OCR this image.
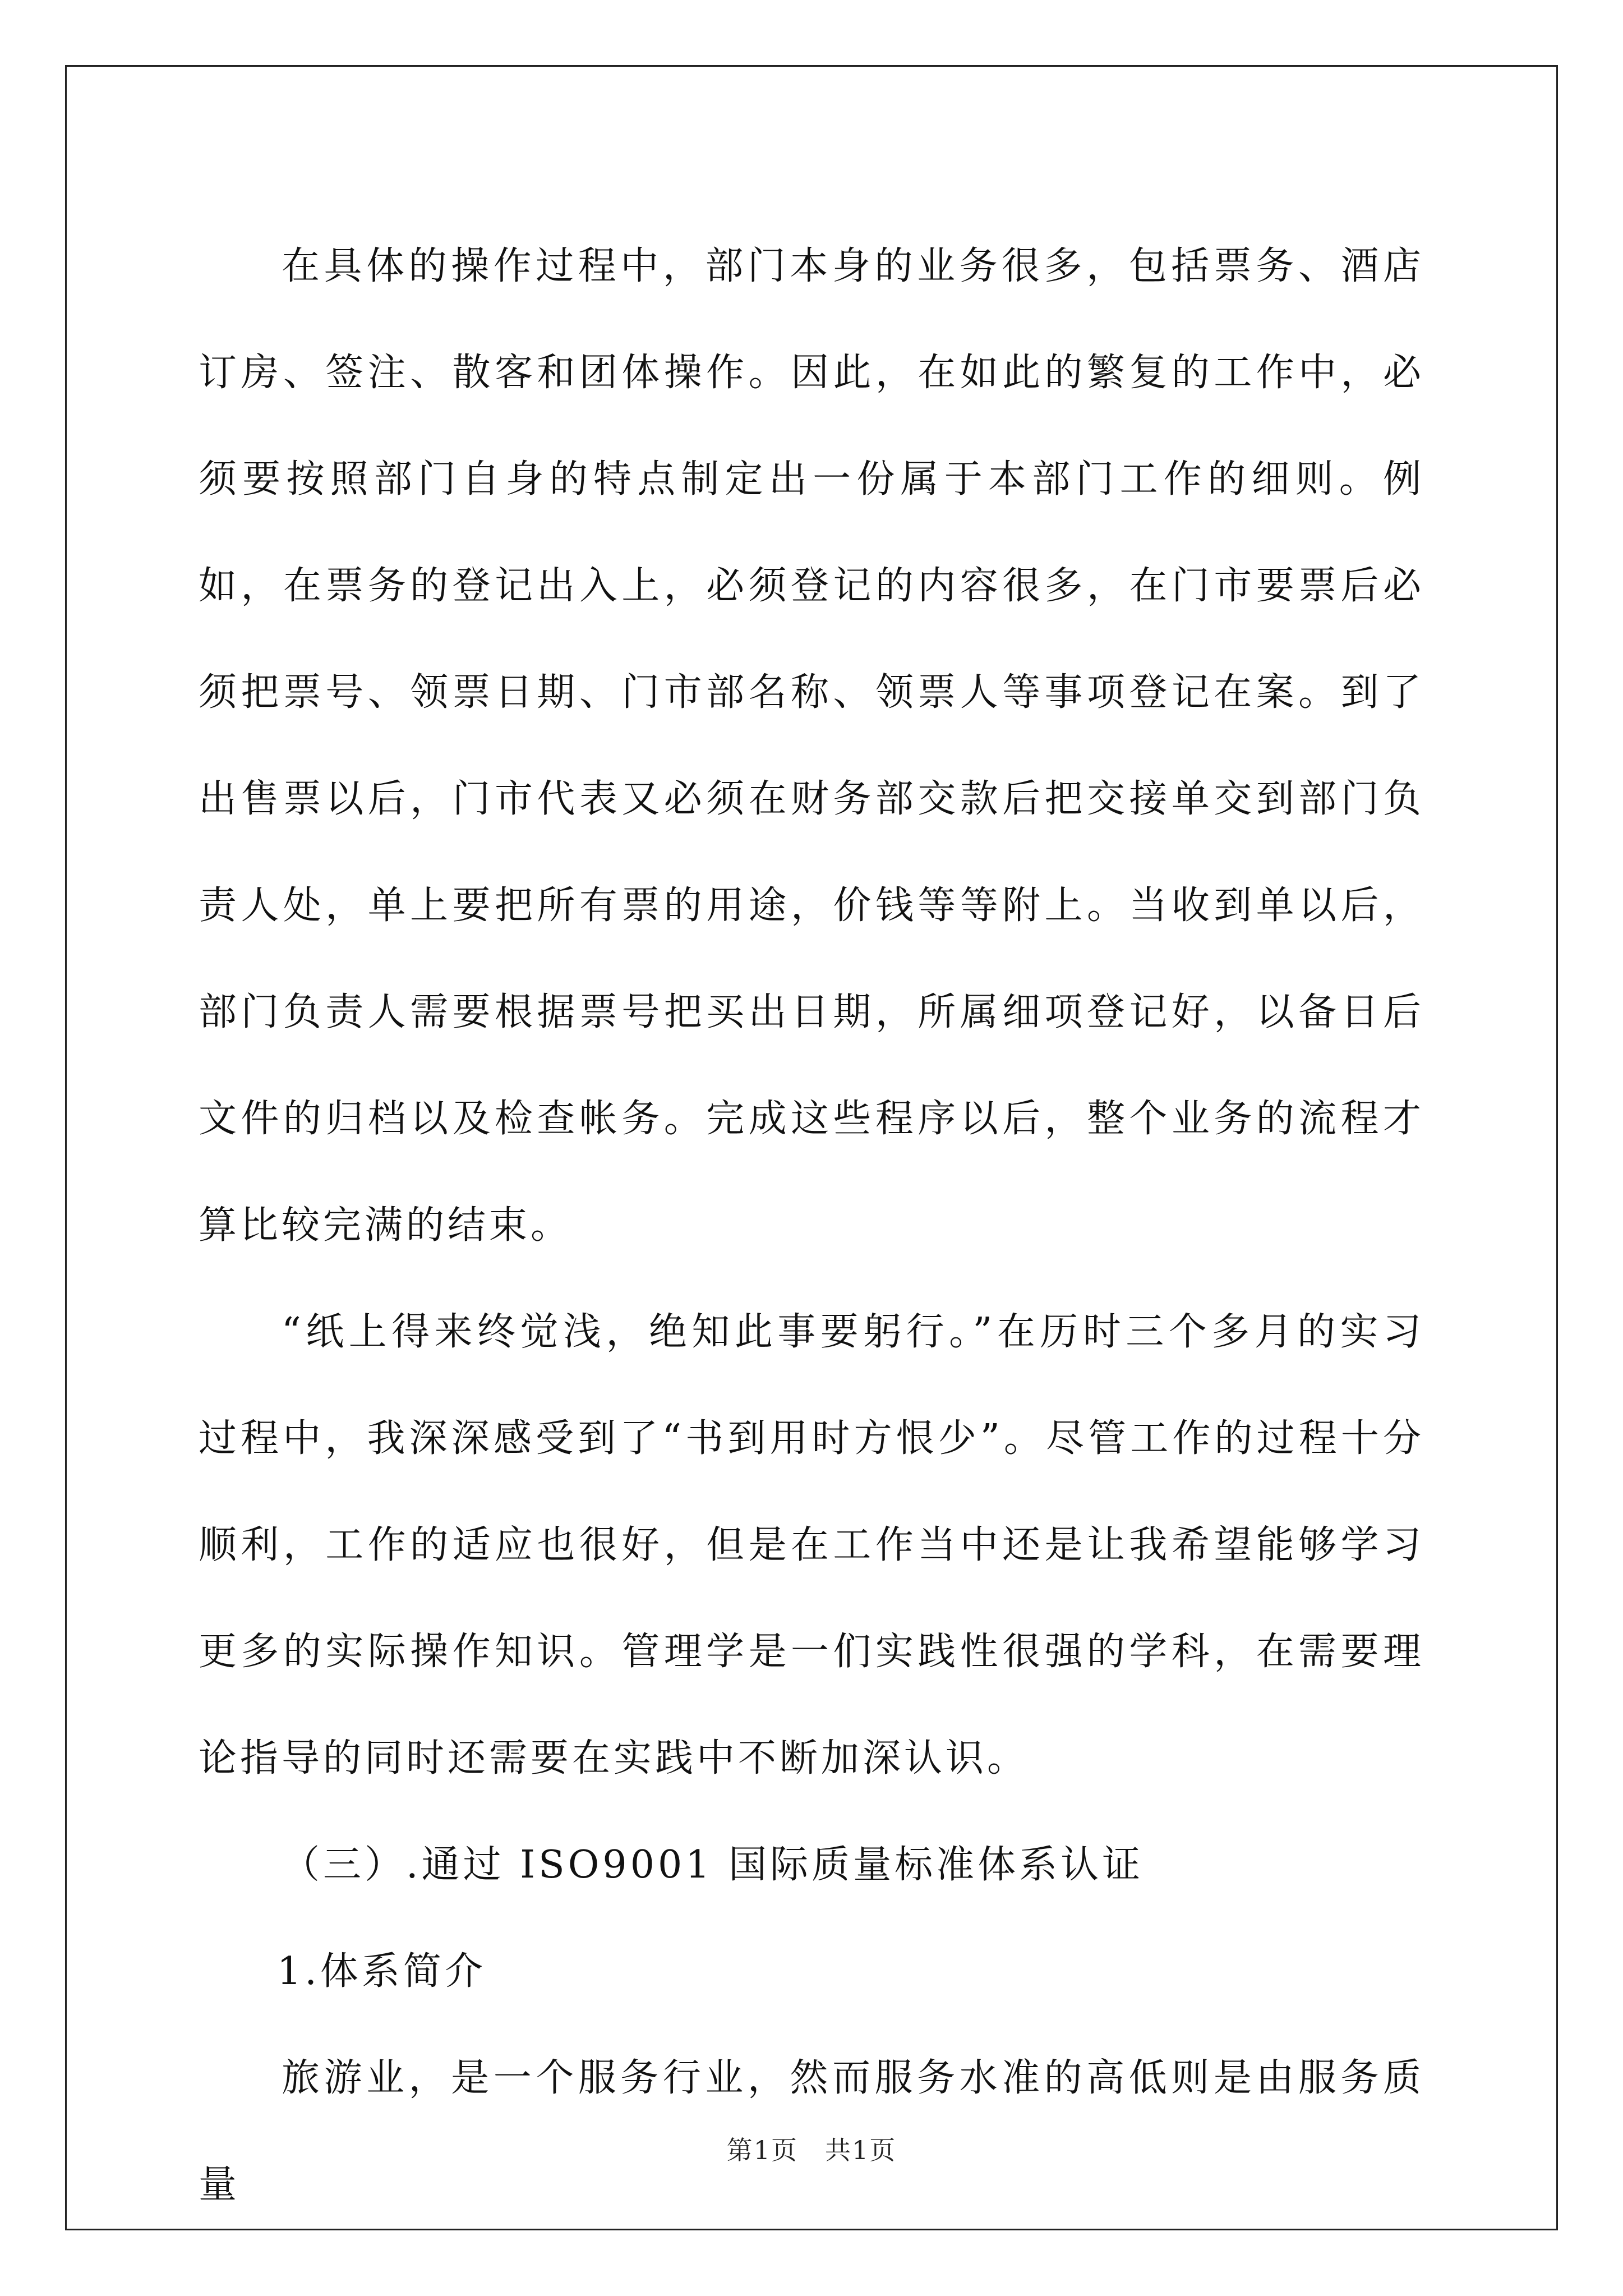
在具体的操作过程中，部门本身的业务很多，包括票务、酒店订房、签注、散客和团体操作。因此，在如此的繁复的工作中，必须要按照部门自身的特点制定出一份属于本部门工作的细则。例如，在票务的登记出入上，必须登记的内容很多，在门市要票后必须把票号、领票日期、门市部名称、领票人等事项登记在案。到了出售票以后，门市代表又必须在财务部交款后把交接单交到部门负责人处，单上要把所有票的用途，价钱等等附上。当收到单以后，部门负责人需要根据票号把买出日期，所属细项登记好，以备日后文件的归档以及检查帐务。完成这些程序以后，整个业务的流程才算比较完满的结束。

“纸上得来终觉浅，绝知此事要躬行。”在历时三个多月的实习过程中，我深深感受到了“书到用时方恨少”。尽管工作的过程十分顺利，工作的适应也很好，但是在工作当中还是让我希望能够学习更多的实际操作知识。管理学是一们实践性很强的学科，在需要理论指导的同时还需要在实践中不断加深认识。

（三）.通过 ISO9001 国际质量标准体系认证

1.体系简介

旅游业，是一个服务行业，然而服务水准的高低则是由服务质量

第1页　共1页
